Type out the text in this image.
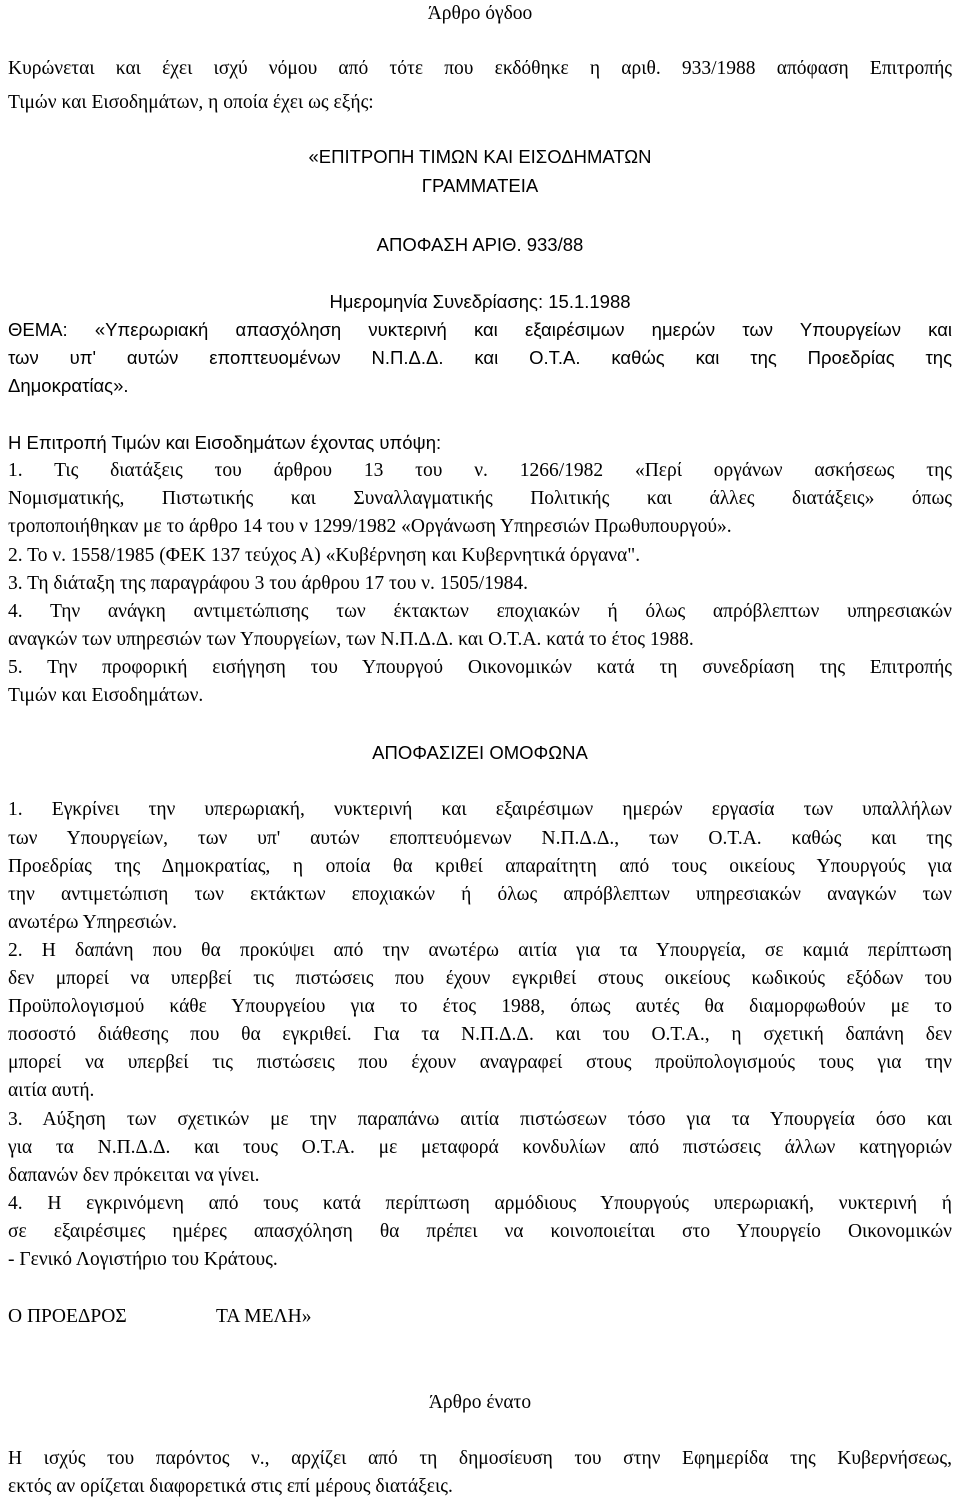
Άρθρο όγδοο
Κυρώνεται και έχει ισχύ νόμου από τότε που εκδόθηκε η αριθ. 933/1988 απόφαση Επιτροπής
Τιμών και Εισοδημάτων, η οποία έχει ως εξής:
«ΕΠΙΤΡΟΠΗ ΤΙΜΩΝ ΚΑΙ ΕΙΣΟΔΗΜΑΤΩΝ
ΓΡΑΜΜΑΤΕΙΑ
ΑΠΟΦΑΣΗ ΑΡΙΘ. 933/88
Ημερομηνία Συνεδρίασης: 15.1.1988
ΘΕΜΑ: «Υπερωριακή απασχόληση νυκτερινή και εξαιρέσιμων ημερών των Υπουργείων και
των υπ' αυτών εποπτευομένων Ν.Π.Δ.Δ. και Ο.Τ.Α. καθώς και της Προεδρίας της
Δημοκρατίας».
Η Επιτροπή Τιμών και Εισοδημάτων έχοντας υπόψη:
1. Τις διατάξεις του άρθρου 13 του ν. 1266/1982 «Περί οργάνων ασκήσεως της
Νομισματικής, Πιστωτικής και Συναλλαγματικής Πολιτικής και άλλες διατάξεις» όπως
τροποποιήθηκαν με το άρθρο 14 του ν 1299/1982 «Οργάνωση Υπηρεσιών Πρωθυπουργού».
2. Το ν. 1558/1985 (ΦΕΚ 137 τεύχος Α) «Κυβέρνηση και Κυβερνητικά όργανα".
3. Τη διάταξη της παραγράφου 3 του άρθρου 17 του ν. 1505/1984.
4. Την ανάγκη αντιμετώπισης των έκτακτων εποχιακών ή όλως απρόβλεπτων υπηρεσιακών
αναγκών των υπηρεσιών των Υπουργείων, των Ν.Π.Δ.Δ. και Ο.Τ.Α. κατά το έτος 1988.
5. Την προφορική εισήγηση του Υπουργού Οικονομικών κατά τη συνεδρίαση της Επιτροπής
Τιμών και Εισοδημάτων.
ΑΠΟΦΑΣΙΖΕΙ ΟΜΟΦΩΝΑ
1. Εγκρίνει την υπερωριακή, νυκτερινή και εξαιρέσιμων ημερών εργασία των υπαλλήλων
των Υπουργείων, των υπ' αυτών εποπτευόμενων Ν.Π.Δ.Δ., των Ο.Τ.Α. καθώς και της
Προεδρίας της Δημοκρατίας, η οποία θα κριθεί απαραίτητη από τους οικείους Υπουργούς για
την αντιμετώπιση των εκτάκτων εποχιακών ή όλως απρόβλεπτων υπηρεσιακών αναγκών των
ανωτέρω Υπηρεσιών.
2. Η δαπάνη που θα προκύψει από την ανωτέρω αιτία για τα Υπουργεία, σε καμιά περίπτωση
δεν μπορεί να υπερβεί τις πιστώσεις που έχουν εγκριθεί στους οικείους κωδικούς εξόδων του
Προϋπολογισμού κάθε Υπουργείου για το έτος 1988, όπως αυτές θα διαμορφωθούν με το
ποσοστό διάθεσης που θα εγκριθεί. Για τα Ν.Π.Δ.Δ. και του Ο.Τ.Α., η σχετική δαπάνη δεν
μπορεί να υπερβεί τις πιστώσεις που έχουν αναγραφεί στους προϋπολογισμούς τους για την
αιτία αυτή.
3. Αύξηση των σχετικών με την παραπάνω αιτία πιστώσεων τόσο για τα Υπουργεία όσο και
για τα Ν.Π.Δ.Δ. και τους Ο.Τ.Α. με μεταφορά κονδυλίων από πιστώσεις άλλων κατηγοριών
δαπανών δεν πρόκειται να γίνει.
4. Η εγκρινόμενη από τους κατά περίπτωση αρμόδιους Υπουργούς υπερωριακή, νυκτερινή ή
σε εξαιρέσιμες ημέρες απασχόληση θα πρέπει να κοινοποιείται στο Υπουργείο Οικονομικών
- Γενικό Λογιστήριο του Κράτους.
Ο ΠΡΟΕΔΡΟΣ	ΤΑ ΜΕΛΗ»
Άρθρο ένατο
Η ισχύς του παρόντος ν., αρχίζει από τη δημοσίευση του στην Εφημερίδα της Κυβερνήσεως,
εκτός αν ορίζεται διαφορετικά στις επί μέρους διατάξεις.
